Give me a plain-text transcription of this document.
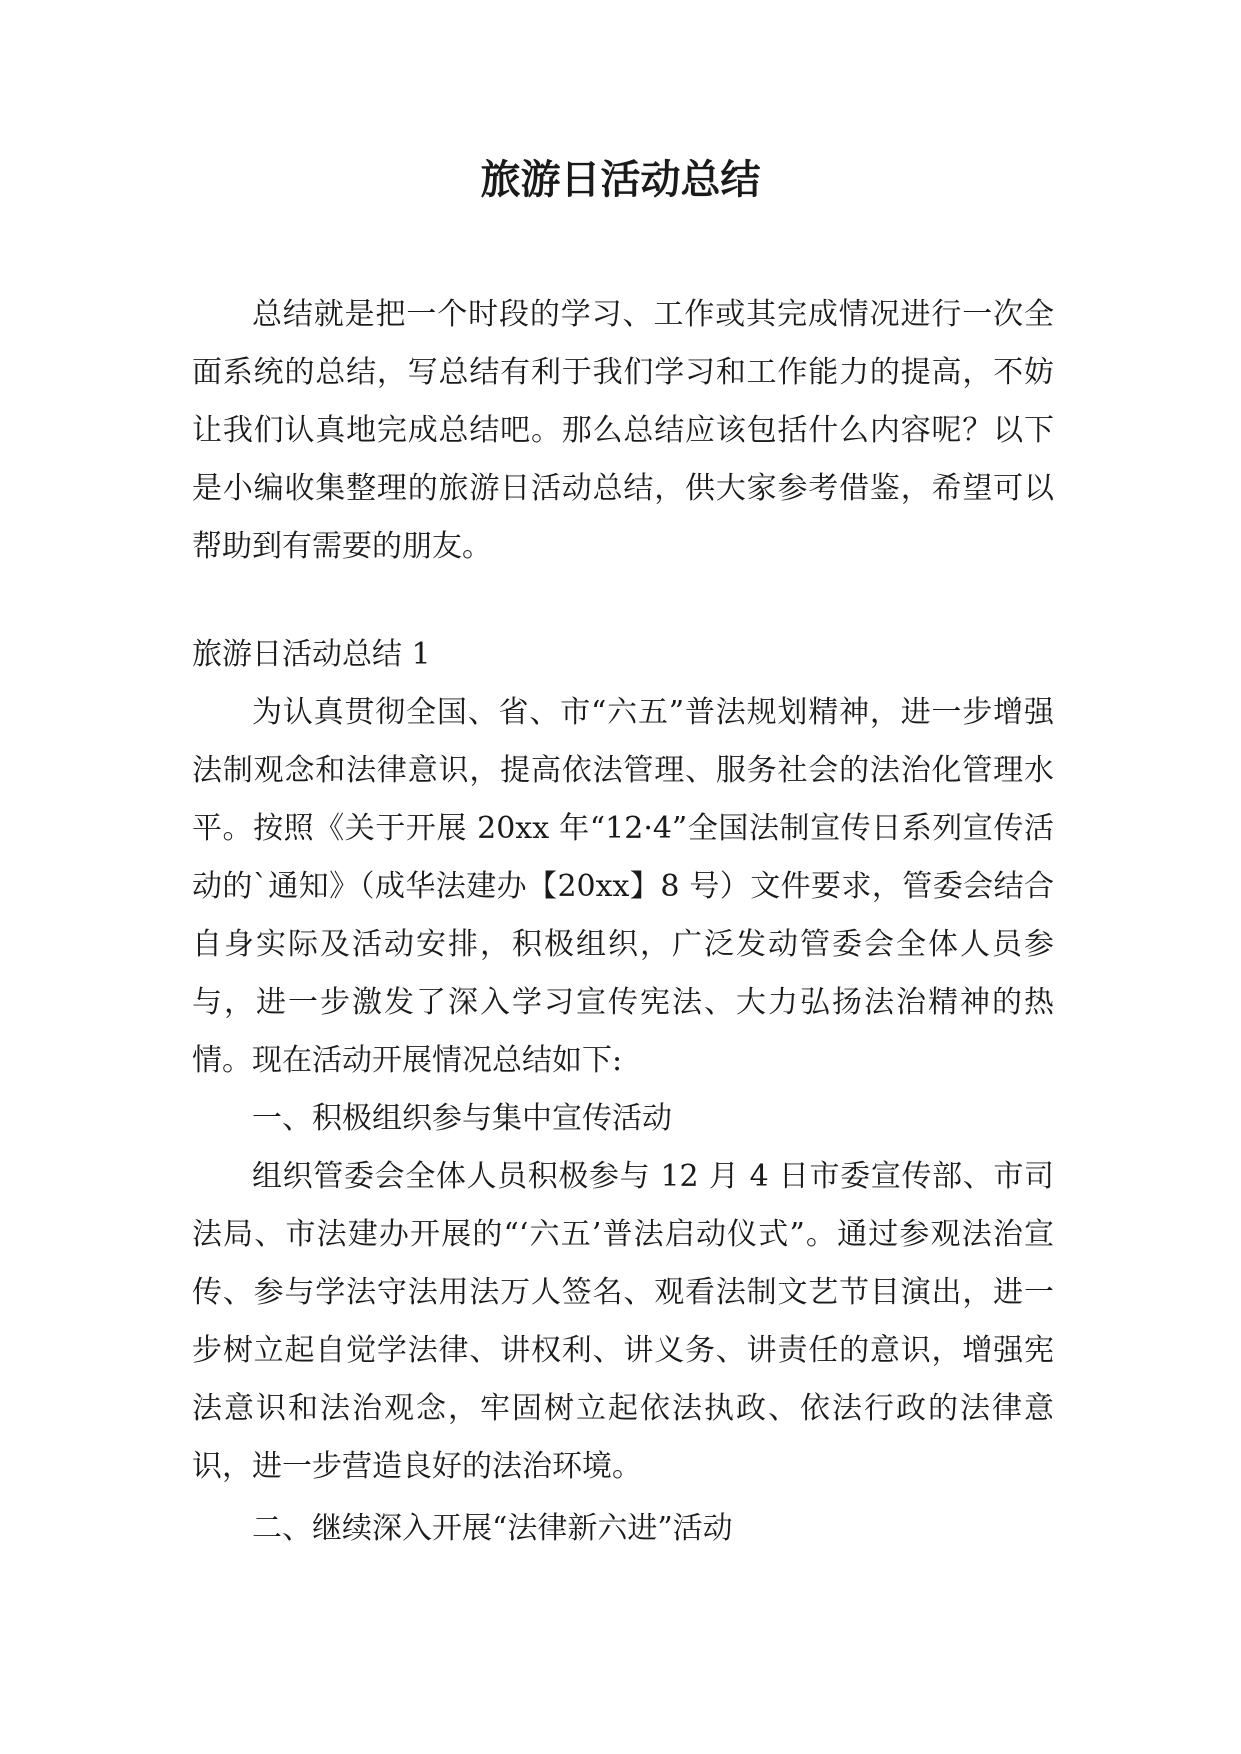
旅游日活动总结

总结就是把一个时段的学习、工作或其完成情况进行一次全面系统的总结，写总结有利于我们学习和工作能力的提高，不妨让我们认真地完成总结吧。那么总结应该包括什么内容呢？以下是小编收集整理的旅游日活动总结，供大家参考借鉴，希望可以帮助到有需要的朋友。

旅游日活动总结 1

为认真贯彻全国、省、市“六五”普法规划精神，进一步增强法制观念和法律意识，提高依法管理、服务社会的法治化管理水平。按照《关于开展 20xx 年“12·4”全国法制宣传日系列宣传活动的`通知》（成华法建办【20xx】8 号）文件要求，管委会结合自身实际及活动安排，积极组织，广泛发动管委会全体人员参与，进一步激发了深入学习宣传宪法、大力弘扬法治精神的热情。现在活动开展情况总结如下:

一、积极组织参与集中宣传活动

组织管委会全体人员积极参与 12 月 4 日市委宣传部、市司法局、市法建办开展的“‘六五’普法启动仪式”。通过参观法治宣传、参与学法守法用法万人签名、观看法制文艺节目演出，进一步树立起自觉学法律、讲权利、讲义务、讲责任的意识，增强宪法意识和法治观念，牢固树立起依法执政、依法行政的法律意识，进一步营造良好的法治环境。

二、继续深入开展“法律新六进”活动
